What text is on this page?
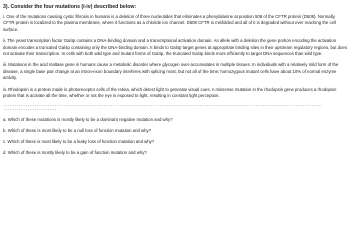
3). Consider the four mutations (i-iv) described below:

i. One of the mutations causing cystic fibrosis in humans is a deletion of three nucleotides that eliminates a phenylalanine at position 508 of the CFTR protein (D508). Normally, CFTR protein is localized to the plasma membrane, where it functions as a chloride ion channel. D508 CFTR is misfolded and all of it is degraded without ever reaching the cell surface.

ii. The yeast transcription factor Gal4p contains a DNA-binding domain and a transcriptional activation domain. An allele with a deletion the gene portion encoding the activation domain encodes a truncated Gal4p containing only the DNA-binding domain. It binds to Gal4p target genes at appropriate binding sites in their upstream regulatory regions, but does not activate their transcription. In cells with both wild type and mutant forms of Gal4p, the truncated Gal4p binds more efficiently to target DNA sequences than wild type.

iii. Mutations in the acid maltase gene in humans cause a metabolic disorder where glycogen over-accumulates in multiple tissues. In individuals with a relatively mild form of the disease, a single base pair change at an intron-exon boundary interferes with splicing most, but not all of the time; homozygous mutant cells have about 10% of normal enzyme activity.

iv. Rhodopsin is a protein made in photoreceptor cells of the retina, which detect light to generate visual cues. A missense mutation in the rhodopsin gene produces a rhodopsin protein that is activate all the time, whether or not the eye is exposed to light, resulting in constant light perception.

-----------------------------------------------------------------------------------------------------------------------------------------------
------------------------

a. Which of these mutations is mostly likely to be a dominant negative mutation and why?

b. Which of these is most likely to be a null loss of function mutation and why?

c. Which of these is most likely to be a leaky loss of function mutation and why?

d. Which of these is mostly likely to be a gain of function mutation and why?
